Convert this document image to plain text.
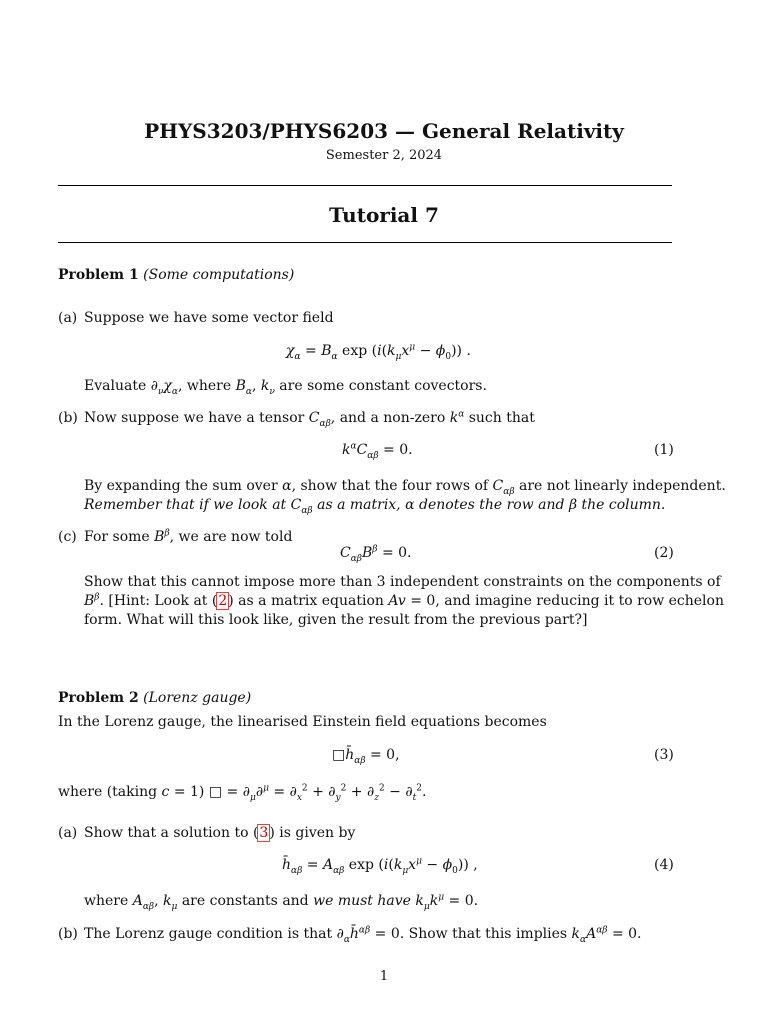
PHYS3203/PHYS6203 — General Relativity
Semester 2, 2024
Tutorial 7
Problem 1 (Some computations)
(a) Suppose we have some vector field
$\chi_\alpha = B_\alpha$ $\exp (i(k_\mu x^\mu - \phi_0))$ .
Evaluate $\partial_\nu\chi_\alpha$, where $B_\alpha$, $k_\nu$ are some constant covectors.
(b) Now suppose we have a tensor $C_{\alpha\beta}$, and a non-zero $k^\alpha$ such that
$k^\alpha C_{\alpha\beta} = 0$.	(1)
By expanding the sum over α, show that the four rows of $C_{\alpha\beta}$ are not linearly independent.
Remember that if we look at $C_{\alpha\beta}$ as a matrix, α denotes the row and β the column.
(c) For some $B^\beta$, we are now told
$C_{\alpha\beta}B^\beta = 0$.	(2)
Show that this cannot impose more than 3 independent constraints on the components of
$B^\beta$. [Hint: Look at (2) as a matrix equation Av = 0, and imagine reducing it to row echelon
form. What will this look like, given the result from the previous part?]
Problem 2 (Lorenz gauge)
In the Lorenz gauge, the linearised Einstein field equations becomes
$□h̄_{\alpha\beta} = 0$,	(3)
where (taking c = 1) □ = $\partial_\mu\partial^\mu = \partial_x^2 + \partial_y^2 + \partial_z^2 - \partial_t^2$.
(a) Show that a solution to (3) is given by
$h̄_{\alpha\beta} = A_{\alpha\beta}$ $\exp (i(k_\mu x^\mu - \phi_0))$ ,	(4)
where $A_{\alpha\beta}$, $k_\mu$ are constants and we must have $k_\mu k^\mu = 0$.
(b) The Lorenz gauge condition is that $\partial_\alpha h̄^{\alpha\beta} = 0$. Show that this implies $k_\alpha A^{\alpha\beta} = 0$.
1
